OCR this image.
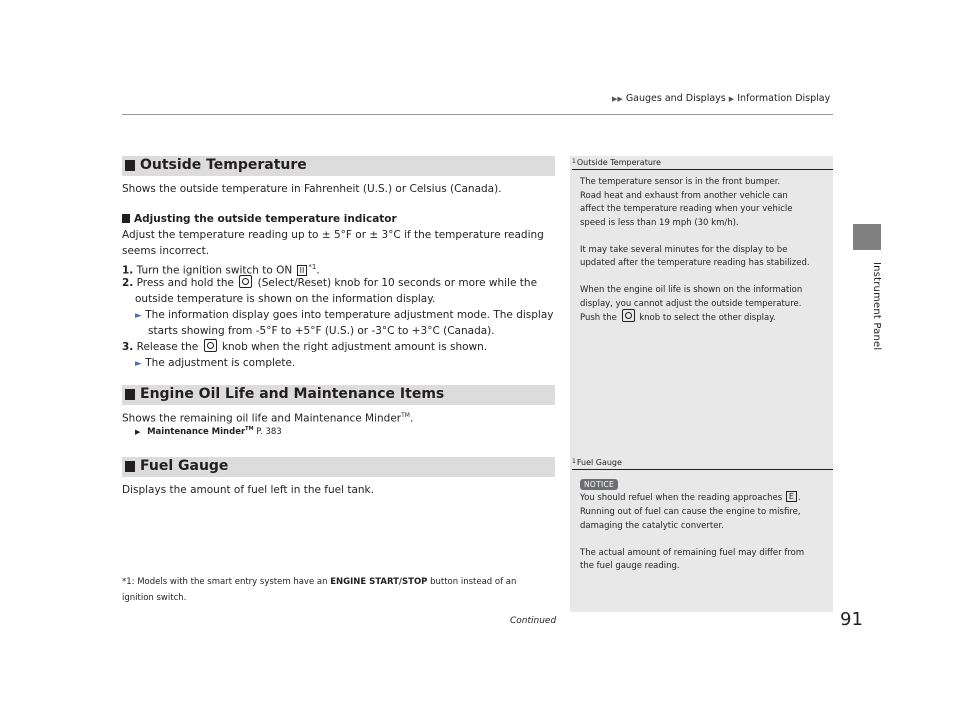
▶▶ Gauges and Displays ▶ Information Display
Instrument Panel
Outside Temperature
Shows the outside temperature in Fahrenheit (U.S.) or Celsius (Canada).
Adjusting the outside temperature indicator
Adjust the temperature reading up to ± 5°F or ± 3°C if the temperature reading
seems incorrect.
1. Turn the ignition switch to ON II $^{*1}$.
2. Press and hold the (Select/Reset) knob for 10 seconds or more while the
outside temperature is shown on the information display.
► The information display goes into temperature adjustment mode. The display
starts showing from -5°F to +5°F (U.S.) or -3°C to +3°C (Canada).
3. Release the knob when the right adjustment amount is shown.
► The adjustment is complete.
Engine Oil Life and Maintenance Items
Shows the remaining oil life and Maintenance Minder™.
▶ Maintenance Minder™ P. 383
Fuel Gauge
Displays the amount of fuel left in the fuel tank.
*1: Models with the smart entry system have an ENGINE START/STOP button instead of an
ignition switch.
$^1$Outside Temperature
The temperature sensor is in the front bumper.
Road heat and exhaust from another vehicle can
affect the temperature reading when your vehicle
speed is less than 19 mph (30 km/h).
It may take several minutes for the display to be
updated after the temperature reading has stabilized.
When the engine oil life is shown on the information
display, you cannot adjust the outside temperature.
Push the	knob to select the other display.
$^1$Fuel Gauge
NOTICE
You should refuel when the reading approaches E .
Running out of fuel can cause the engine to misfire,
damaging the catalytic converter.
The actual amount of remaining fuel may differ from
the fuel gauge reading.
Continued	91
